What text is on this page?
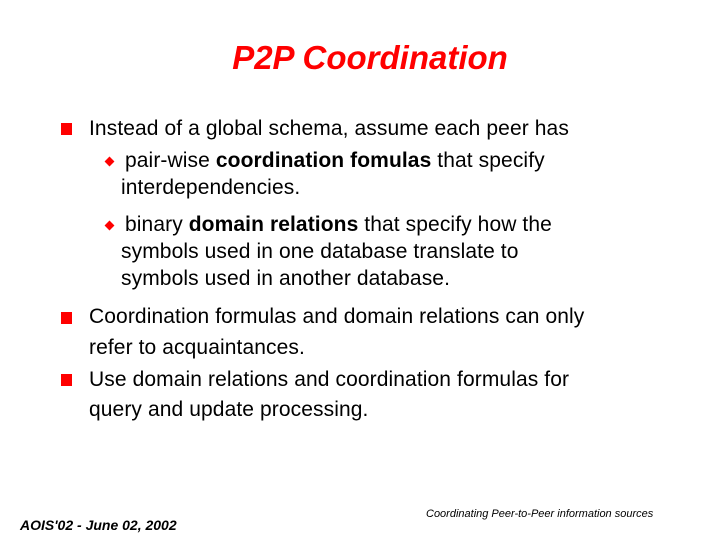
P2P Coordination
Instead of a global schema, assume each peer has
pair-wise coordination fomulas that specify
interdependencies.
binary domain relations that specify how the
symbols used in one database translate to
symbols used in another database.
Coordination formulas and domain relations can only
refer to acquaintances.
Use domain relations and coordination formulas for
query and update processing.
AOIS'02 - June 02, 2002
Coordinating Peer-to-Peer information sources
